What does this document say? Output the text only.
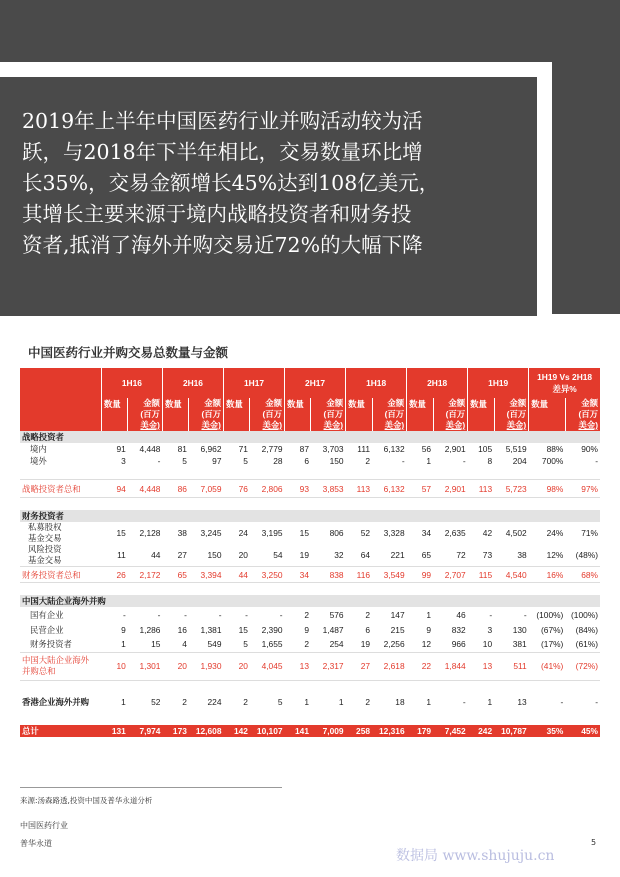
2019年上半年中国医药行业并购活动较为活
跃，与2018年下半年相比，交易数量环比增
长35%，交易金额增长45%达到108亿美元，
其增长主要来源于境内战略投资者和财务投
资者,抵消了海外并购交易近72%的大幅下降
中国医药行业并购交易总数量与金额
	1H16		2H16		1H17		2H17		1H18		2H18		1H19		1H19 Vs 2H18
差异%	
	数量	金额
(百万
美金)	数量	金额
(百万
美金)	数量	金额
(百万
美金)	数量	金额
(百万
美金)	数量	金额
(百万
美金)	数量	金额
(百万
美金)	数量	金额
(百万
美金)	数量	金额
(百万
美金)
战略投资者																
境内	91	4,448	81	6,962	71	2,779	87	3,703	111	6,132	56	2,901	105	5,519	88%	90%
境外	3	-	5	97	5	28	6	150	2	-	1	-	8	204	700%	-

战略投资者总和	94	4,448	86	7,059	76	2,806	93	3,853	113	6,132	57	2,901	113	5,723	98%	97%

财务投资者																
私募股权
基金交易	15	2,128	38	3,245	24	3,195	15	806	52	3,328	34	2,635	42	4,502	24%	71%
风险投资
基金交易	11	44	27	150	20	54	19	32	64	221	65	72	73	38	12%	(48%)
财务投资者总和	26	2,172	65	3,394	44	3,250	34	838	116	3,549	99	2,707	115	4,540	16%	68%

中国大陆企业海外并购																
国有企业	-	-	-	-	-	-	2	576	2	147	1	46	-	-	(100%)	(100%)
民营企业	9	1,286	16	1,381	15	2,390	9	1,487	6	215	9	832	3	130	(67%)	(84%)
财务投资者	1	15	4	549	5	1,655	2	254	19	2,256	12	966	10	381	(17%)	(61%)
中国大陆企业海外
并购总和	10	1,301	20	1,930	20	4,045	13	2,317	27	2,618	22	1,844	13	511	(41%)	(72%)

香港企业海外并购	1	52	2	224	2	5	1	1	2	18	1	-	1	13	-	-

总计	131	7,974	173	12,608	142	10,107	141	7,009	258	12,316	179	7,452	242	10,787	35%	45%
来源:汤森路透,投资中国及普华永道分析
中国医药行业
普华永道	5
数据局 www.shujuju.cn
